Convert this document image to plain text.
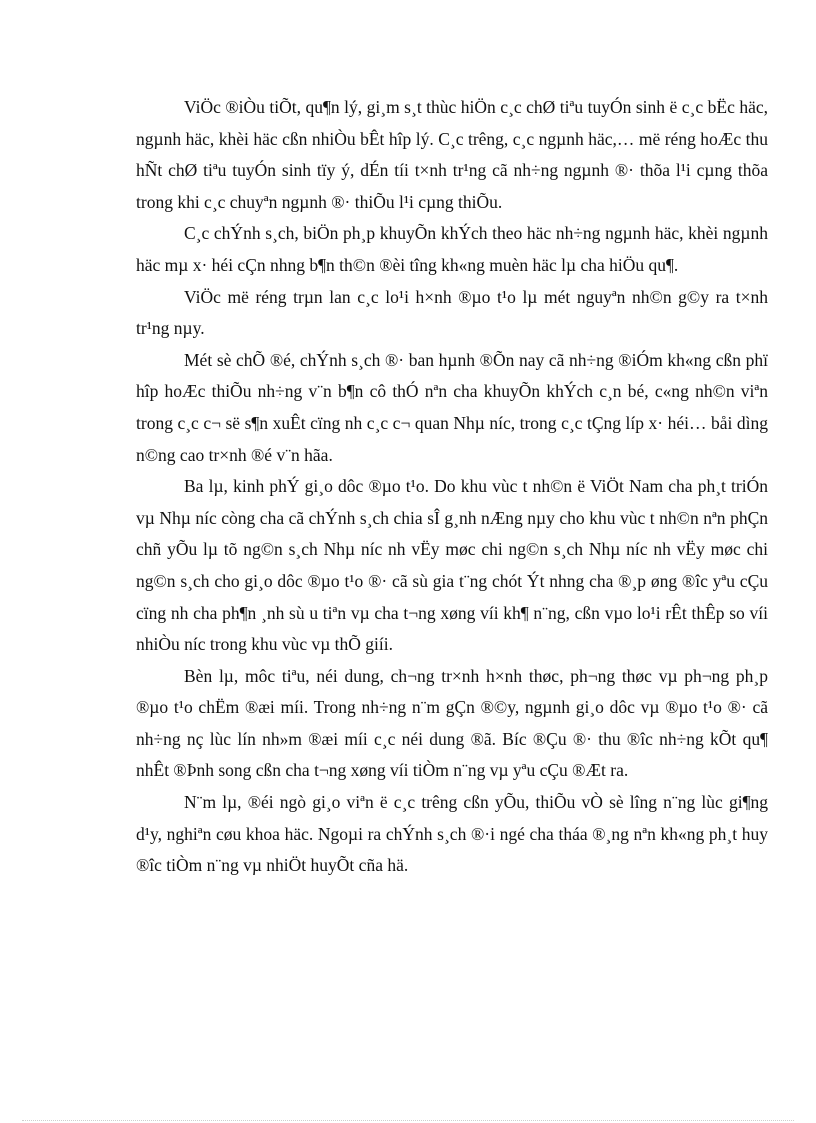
ViÖc ®iÒu tiÕt, qu¶n lý, gi¸m s¸t thùc hiÖn c¸c chØ tiªu tuyÓn sinh ë c¸c bËc häc, ngµnh häc, khèi häc cßn nhiÒu bÊt hîp lý. C¸c trêng, c¸c ngµnh häc,… më réng hoÆc thu hÑt chØ tiªu tuyÓn sinh tïy ý, dÉn tíi t×nh tr¹ng cã nh÷ng ngµnh ®· thõa l¹i cµng thõa trong khi c¸c chuyªn ngµnh ®· thiÕu l¹i cµng thiÕu.

C¸c chÝnh s¸ch, biÖn ph¸p khuyÕn khÝch theo häc nh÷ng ngµnh häc, khèi ngµnh häc mµ x· héi cÇn nhng b¶n th©n ®èi tîng kh«ng muèn häc lµ cha hiÖu qu¶.

ViÖc më réng trµn lan c¸c lo¹i h×nh ®µo t¹o lµ mét nguyªn nh©n g©y ra t×nh tr¹ng nµy.

Mét sè chÕ ®é, chÝnh s¸ch ®· ban hµnh ®Õn nay cã nh÷ng ®iÓm kh«ng cßn phï hîp hoÆc thiÕu nh÷ng v¨n b¶n cô thÓ nªn cha khuyÕn khÝch c¸n bé, c«ng nh©n viªn trong c¸c c¬ së s¶n xuÊt cïng nh c¸c c¬ quan Nhµ níc, trong c¸c tÇng líp x· héi… båi dìng n©ng cao tr×nh ®é v¨n hãa.

Ba lµ, kinh phÝ gi¸o dôc ®µo t¹o. Do khu vùc t nh©n ë ViÖt Nam cha ph¸t triÓn vµ Nhµ níc còng cha cã chÝnh s¸ch chia sÎ g¸nh nÆng nµy cho khu vùc t nh©n nªn phÇn chñ yÕu lµ tõ ng©n s¸ch Nhµ níc nh vËy møc chi ng©n s¸ch Nhµ níc nh vËy møc chi ng©n s¸ch cho gi¸o dôc ®µo t¹o ®· cã sù gia t¨ng chót Ýt nhng cha ®¸p øng ®îc yªu cÇu cïng nh cha ph¶n ¸nh sù u tiªn vµ cha t¬ng xøng víi kh¶ n¨ng, cßn vµo lo¹i rÊt thÊp so víi nhiÒu níc trong khu vùc vµ thÕ giíi.

Bèn lµ, môc tiªu, néi dung, ch¬ng tr×nh h×nh thøc, ph¬ng thøc vµ ph¬ng ph¸p ®µo t¹o chËm ®æi míi. Trong nh÷ng n¨m gÇn ®©y, ngµnh gi¸o dôc vµ ®µo t¹o ®· cã nh÷ng nç lùc lín nh»m ®æi míi c¸c néi dung ®ã. Bíc ®Çu ®· thu ®îc nh÷ng kÕt qu¶ nhÊt ®Þnh song cßn cha t¬ng xøng víi tiÒm n¨ng vµ yªu cÇu ®Æt ra.

N¨m lµ, ®éi ngò gi¸o viªn ë c¸c trêng cßn yÕu, thiÕu vÒ sè lîng n¨ng lùc gi¶ng d¹y, nghiªn cøu khoa häc. Ngoµi ra chÝnh s¸ch ®·i ngé cha tháa ®¸ng nªn kh«ng ph¸t huy ®îc tiÒm n¨ng vµ nhiÖt huyÕt cña hä.
